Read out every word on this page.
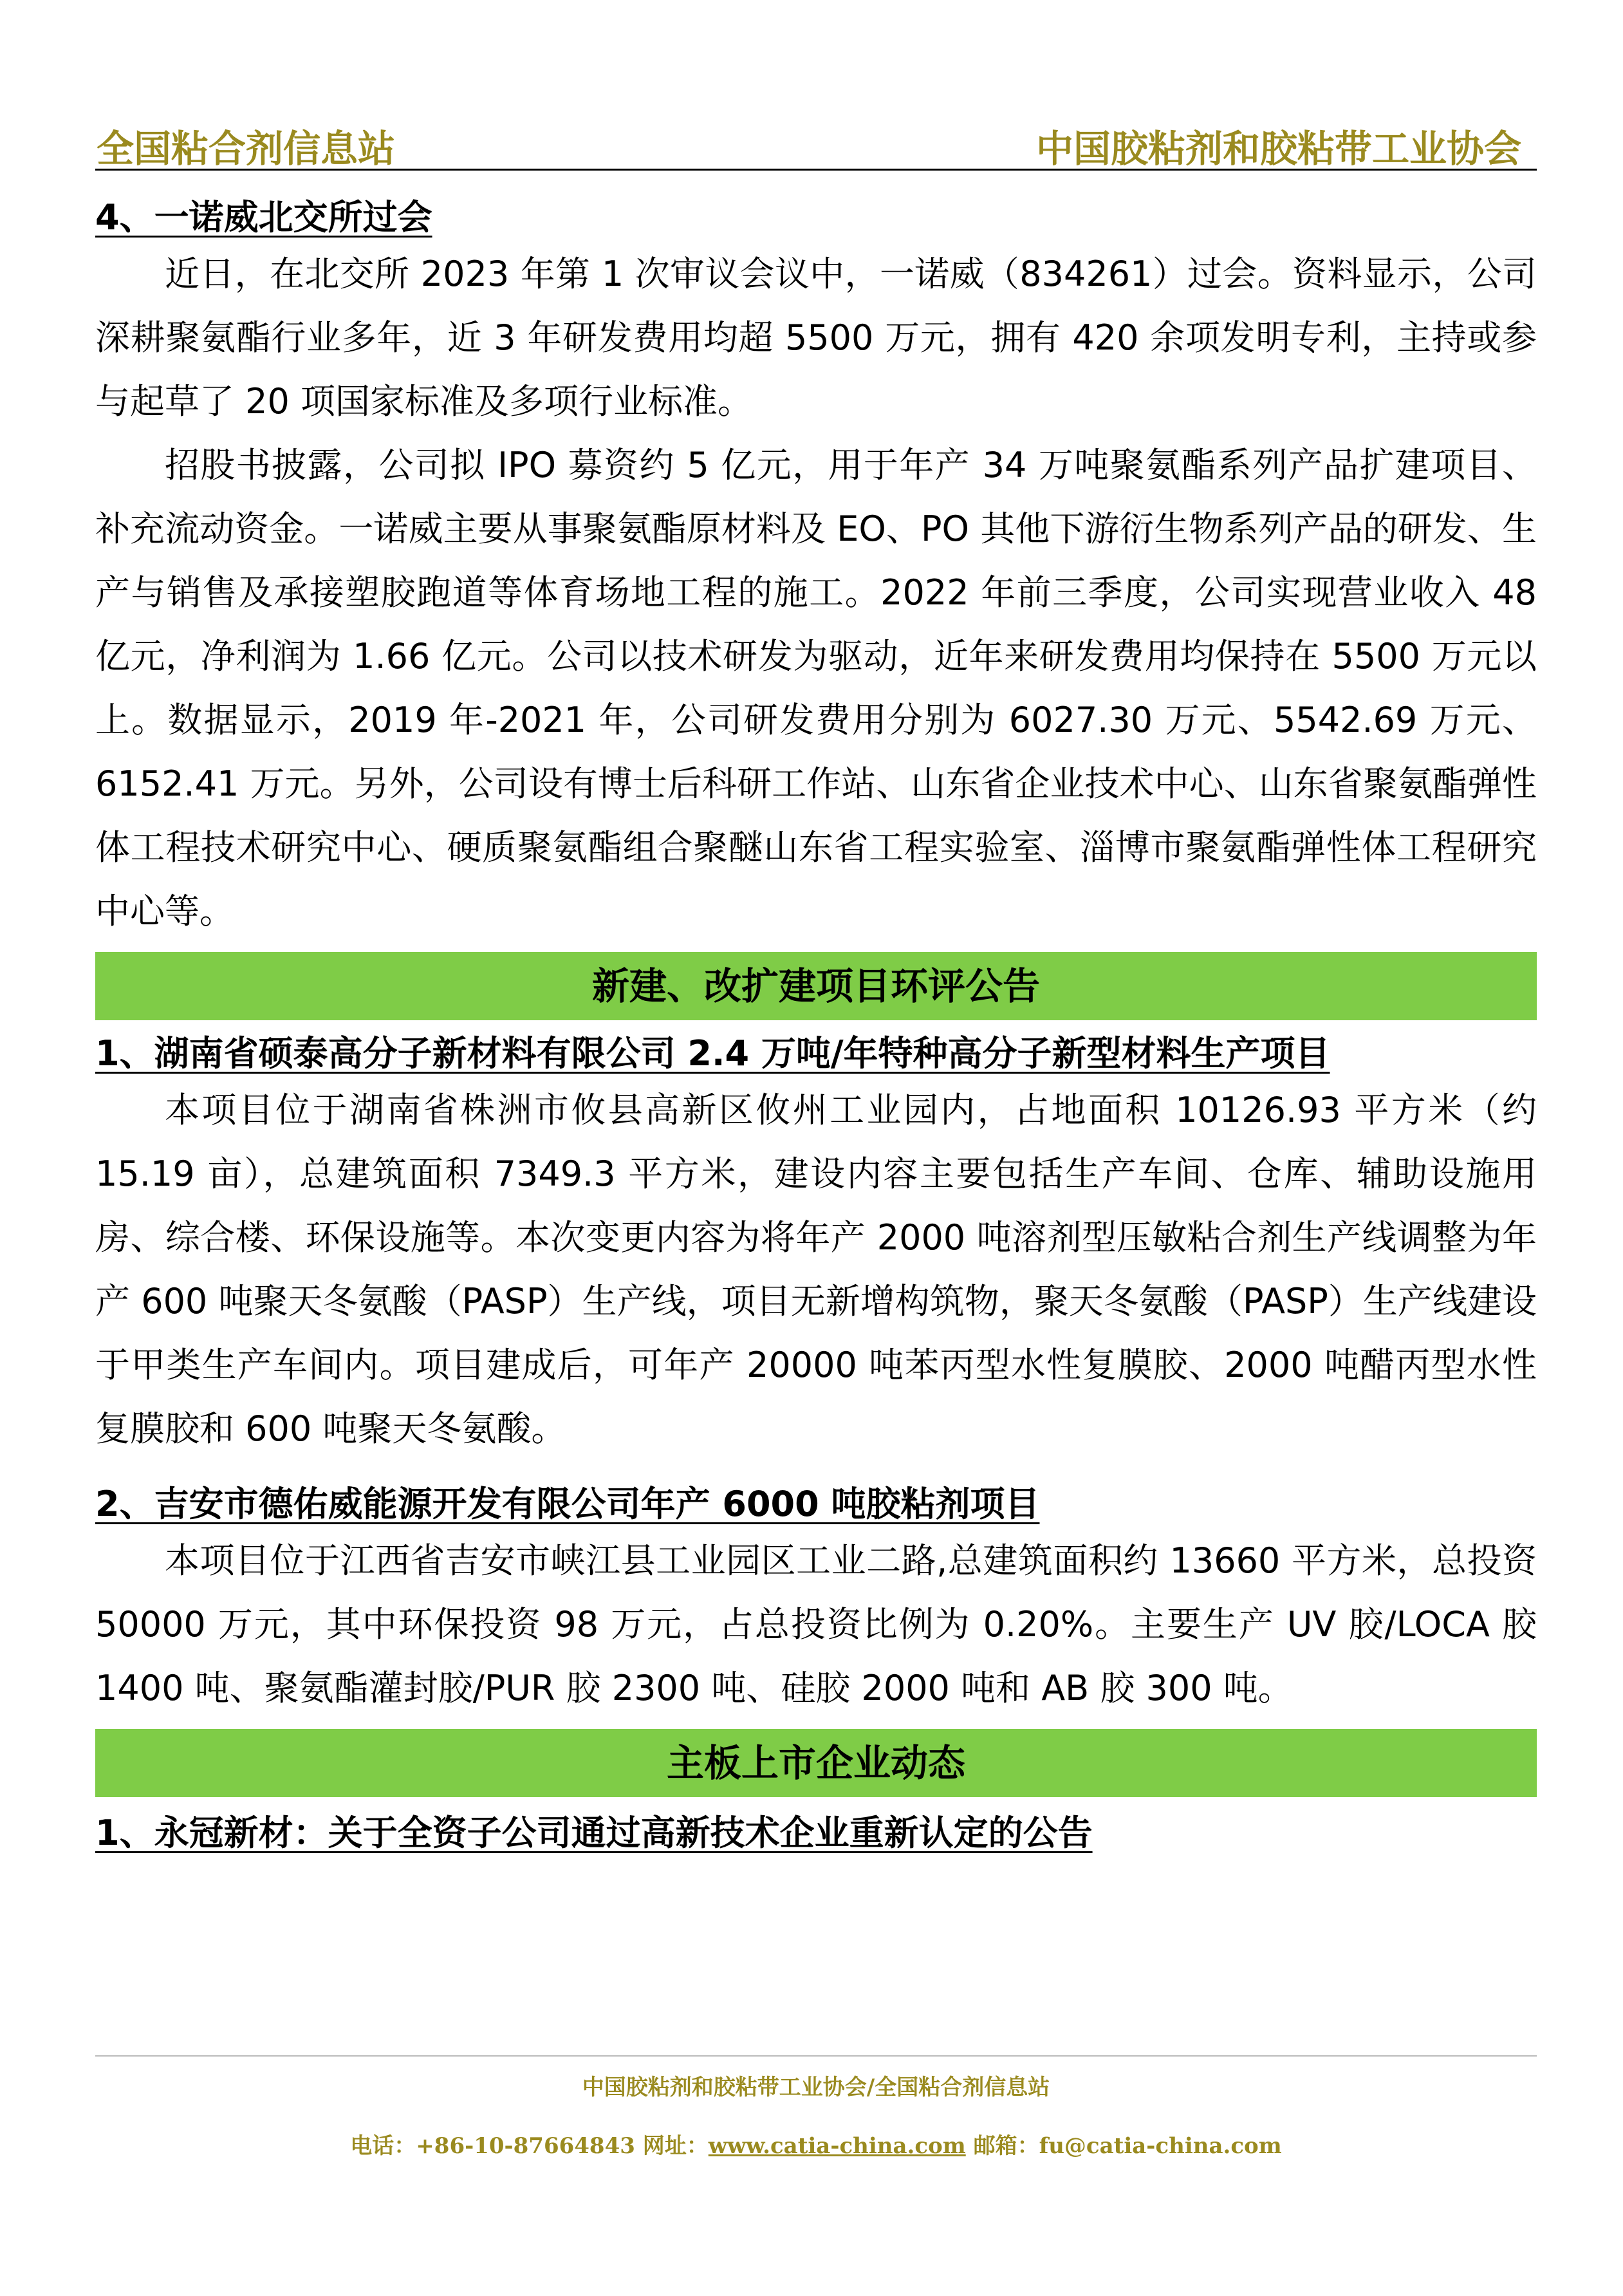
全国粘合剂信息站	中国胶粘剂和胶粘带工业协会
4、一诺威北交所过会

近日，在北交所 2023 年第 1 次审议会议中，一诺威（834261）过会。资料显示，公司深耕聚氨酯行业多年，近 3 年研发费用均超 5500 万元，拥有 420 余项发明专利，主持或参与起草了 20 项国家标准及多项行业标准。

招股书披露，公司拟 IPO 募资约 5 亿元，用于年产 34 万吨聚氨酯系列产品扩建项目、补充流动资金。一诺威主要从事聚氨酯原材料及 EO、PO 其他下游衍生物系列产品的研发、生产与销售及承接塑胶跑道等体育场地工程的施工。2022 年前三季度，公司实现营业收入 48 亿元，净利润为 1.66 亿元。公司以技术研发为驱动，近年来研发费用均保持在 5500 万元以上。数据显示，2019 年-2021 年，公司研发费用分别为 6027.30 万元、5542.69 万元、6152.41 万元。另外，公司设有博士后科研工作站、山东省企业技术中心、山东省聚氨酯弹性体工程技术研究中心、硬质聚氨酯组合聚醚山东省工程实验室、淄博市聚氨酯弹性体工程研究中心等。

新建、改扩建项目环评公告
1、湖南省硕泰高分子新材料有限公司 2.4 万吨/年特种高分子新型材料生产项目

本项目位于湖南省株洲市攸县高新区攸州工业园内，占地面积 10126.93 平方米（约 15.19 亩），总建筑面积 7349.3 平方米，建设内容主要包括生产车间、仓库、辅助设施用房、综合楼、环保设施等。本次变更内容为将年产 2000 吨溶剂型压敏粘合剂生产线调整为年产 600 吨聚天冬氨酸（PASP）生产线，项目无新增构筑物，聚天冬氨酸（PASP）生产线建设于甲类生产车间内。项目建成后，可年产 20000 吨苯丙型水性复膜胶、2000 吨醋丙型水性复膜胶和 600 吨聚天冬氨酸。

2、吉安市德佑威能源开发有限公司年产 6000 吨胶粘剂项目

本项目位于江西省吉安市峡江县工业园区工业二路,总建筑面积约 13660 平方米，总投资 50000 万元，其中环保投资 98 万元，占总投资比例为 0.20%。主要生产 UV 胶/LOCA 胶 1400 吨、聚氨酯灌封胶/PUR 胶 2300 吨、硅胶 2000 吨和 AB 胶 300 吨。

主板上市企业动态
1、永冠新材：关于全资子公司通过高新技术企业重新认定的公告
中国胶粘剂和胶粘带工业协会/全国粘合剂信息站
电话：+86-10-87664843 网址：www.catia-china.com 邮箱：fu@catia-china.com
